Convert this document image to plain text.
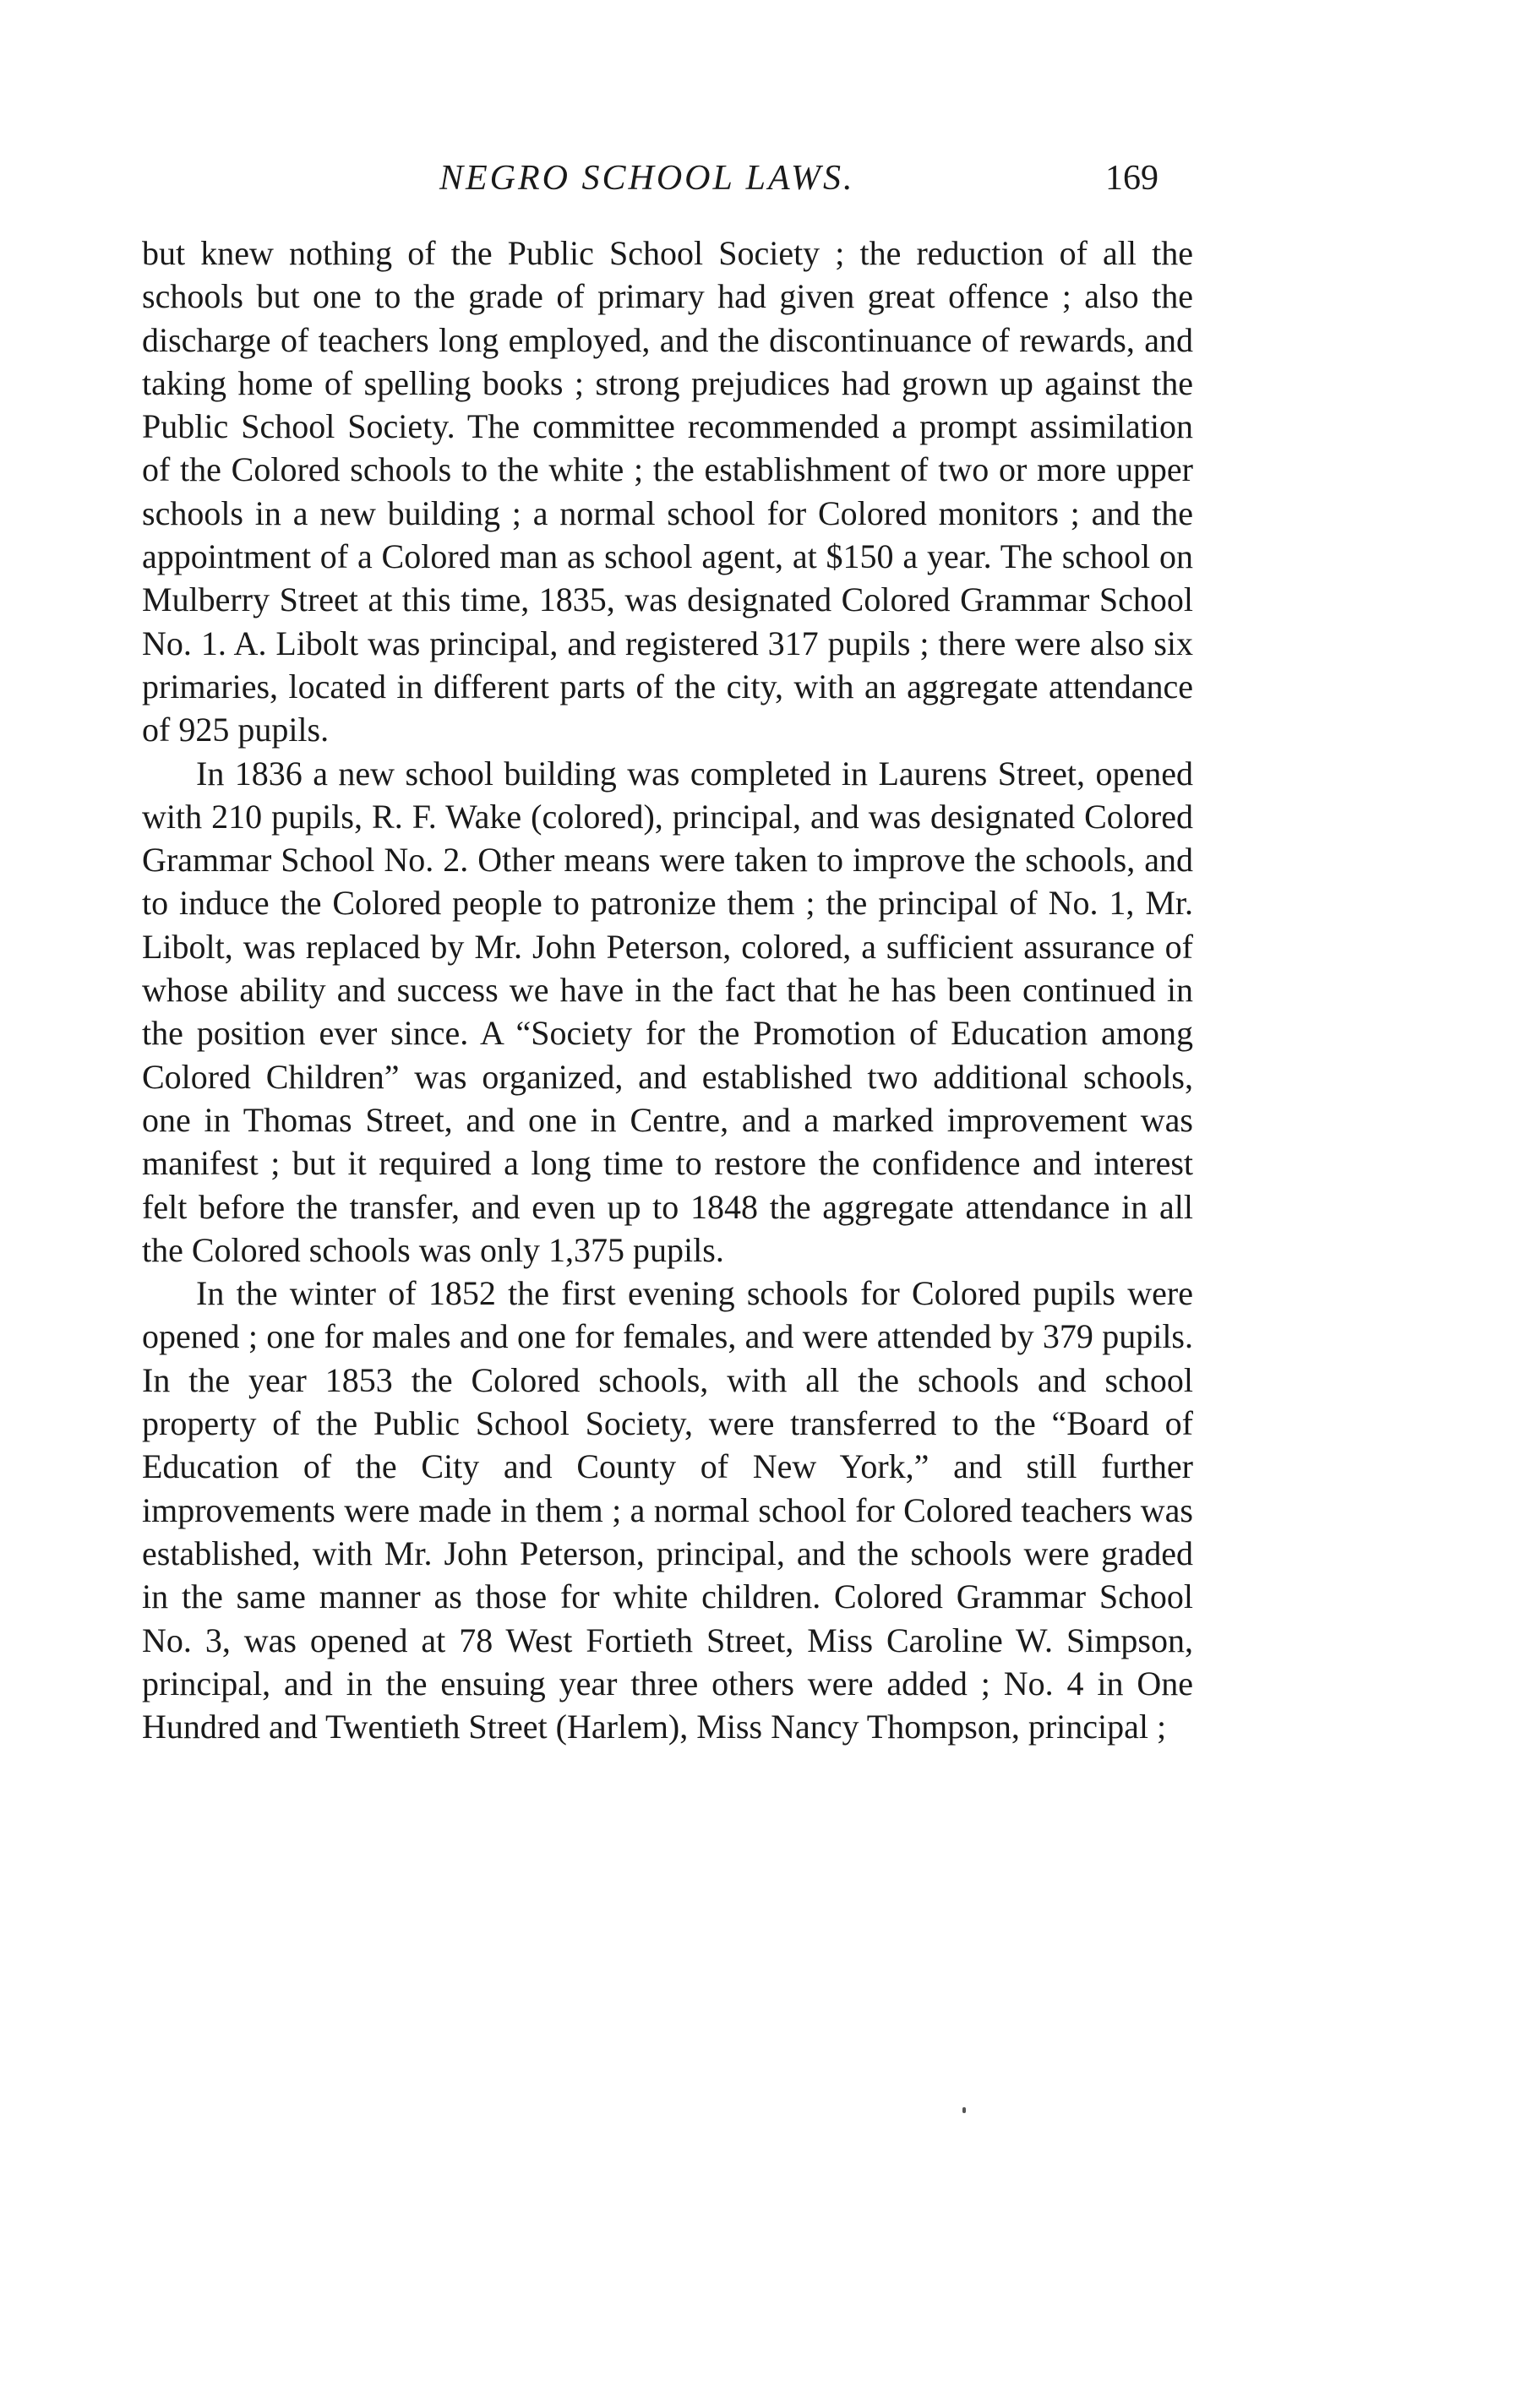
NEGRO SCHOOL LAWS.	169

but knew nothing of the Public School Society ; the reduction of all the schools but one to the grade of primary had given great offence ; also the discharge of teachers long employed, and the discontinuance of rewards, and taking home of spelling books ; strong prejudices had grown up against the Public School Society. The committee recommended a prompt assimilation of the Colored schools to the white ; the establishment of two or more upper schools in a new building ; a normal school for Colored monitors ; and the appointment of a Colored man as school agent, at $150 a year. The school on Mulberry Street at this time, 1835, was designated Colored Grammar School No. 1. A. Libolt was principal, and registered 317 pupils ; there were also six primaries, located in different parts of the city, with an aggregate attendance of 925 pupils.

In 1836 a new school building was completed in Laurens Street, opened with 210 pupils, R. F. Wake (colored), principal, and was designated Colored Grammar School No. 2. Other means were taken to improve the schools, and to induce the Colored people to patronize them ; the principal of No. 1, Mr. Libolt, was replaced by Mr. John Peterson, colored, a sufficient assurance of whose ability and success we have in the fact that he has been continued in the position ever since. A “Society for the Promotion of Education among Colored Children” was organized, and established two additional schools, one in Thomas Street, and one in Centre, and a marked improvement was manifest ; but it required a long time to restore the confidence and interest felt before the transfer, and even up to 1848 the aggregate attendance in all the Colored schools was only 1,375 pupils.

In the winter of 1852 the first evening schools for Colored pupils were opened ; one for males and one for females, and were attended by 379 pupils. In the year 1853 the Colored schools, with all the schools and school property of the Public School Society, were transferred to the “Board of Education of the City and County of New York,” and still further improvements were made in them ; a normal school for Colored teachers was established, with Mr. John Peterson, principal, and the schools were graded in the same manner as those for white children. Colored Grammar School No. 3, was opened at 78 West Fortieth Street, Miss Caroline W. Simpson, principal, and in the ensuing year three others were added ; No. 4 in One Hundred and Twentieth Street (Harlem), Miss Nancy Thompson, principal ;
